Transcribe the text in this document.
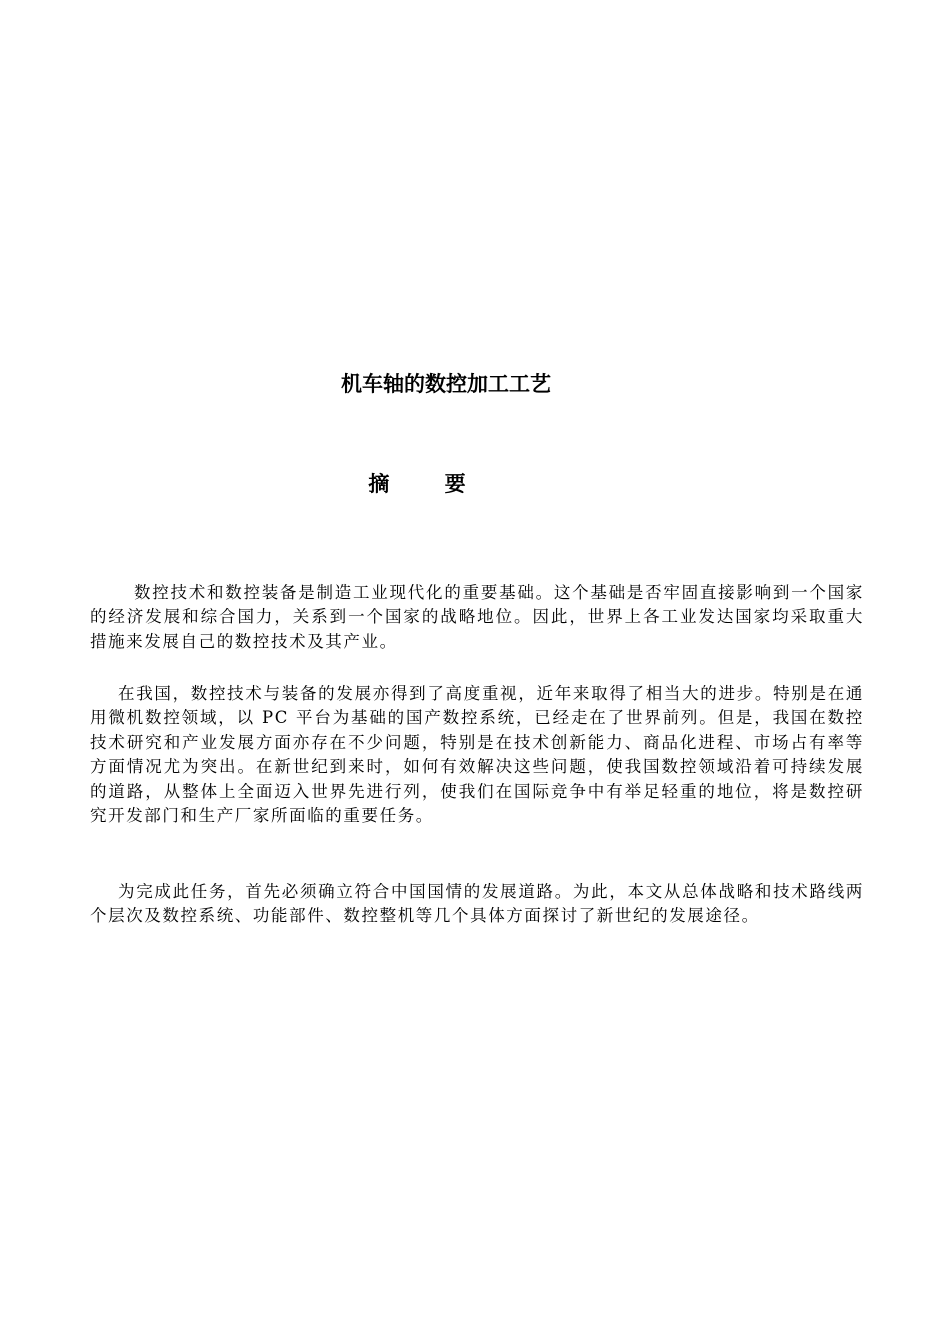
机车轴的数控加工工艺
摘 要

数控技术和数控装备是制造工业现代化的重要基础。这个基础是否牢固直接影响到一个国家的经济发展和综合国力，关系到一个国家的战略地位。因此，世界上各工业发达国家均采取重大措施来发展自己的数控技术及其产业。

在我国，数控技术与装备的发展亦得到了高度重视，近年来取得了相当大的进步。特别是在通用微机数控领域，以 PC 平台为基础的国产数控系统，已经走在了世界前列。但是，我国在数控技术研究和产业发展方面亦存在不少问题，特别是在技术创新能力、商品化进程、市场占有率等方面情况尤为突出。在新世纪到来时，如何有效解决这些问题，使我国数控领域沿着可持续发展的道路，从整体上全面迈入世界先进行列，使我们在国际竞争中有举足轻重的地位，将是数控研究开发部门和生产厂家所面临的重要任务。

为完成此任务，首先必须确立符合中国国情的发展道路。为此，本文从总体战略和技术路线两个层次及数控系统、功能部件、数控整机等几个具体方面探讨了新世纪的发展途径。
